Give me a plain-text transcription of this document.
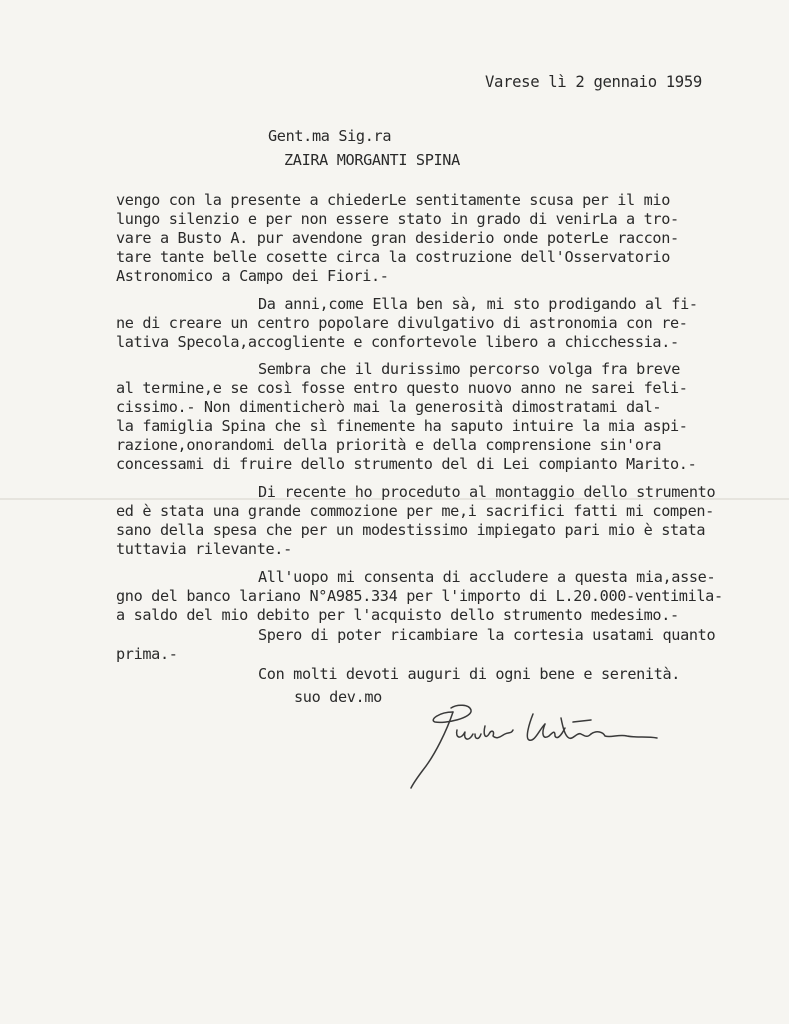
Varese lì 2 gennaio 1959
Gent.ma Sig.ra
ZAIRA MORGANTI SPINA
vengo con la presente a chiederLe sentitamente scusa per il mio
lungo silenzio e per non essere stato in grado di venirLa a tro-
vare a Busto A. pur avendone gran desiderio onde poterLe raccon-
tare tante belle cosette circa la costruzione dell'Osservatorio
Astronomico a Campo dei Fiori.-
Da anni,come Ella ben sà, mi sto prodigando al fi-
ne di creare un centro popolare divulgativo di astronomia con re-
lativa Specola,accogliente e confortevole libero a chicchessia.-
Sembra che il durissimo percorso volga fra breve
al termine,e se così fosse entro questo nuovo anno ne sarei feli-
cissimo.- Non dimenticherò mai la generosità dimostratami dal-
la famiglia Spina che sì finemente ha saputo intuire la mia aspi-
razione,onorandomi della priorità e della comprensione sin'ora
concessami di fruire dello strumento del di Lei compianto Marito.-
Di recente ho proceduto al montaggio dello strumento
ed è stata una grande commozione per me,i sacrifici fatti mi compen-
sano della spesa che per un modestissimo impiegato pari mio è stata
tuttavia rilevante.-
All'uopo mi consenta di accludere a questa mia,asse-
gno del banco lariano N°A985.334 per l'importo di L.20.000-ventimila-
a saldo del mio debito per l'acquisto dello strumento medesimo.-
Spero di poter ricambiare la cortesia usatami quanto
prima.-
Con molti devoti auguri di ogni bene e serenità.
suo dev.mo
